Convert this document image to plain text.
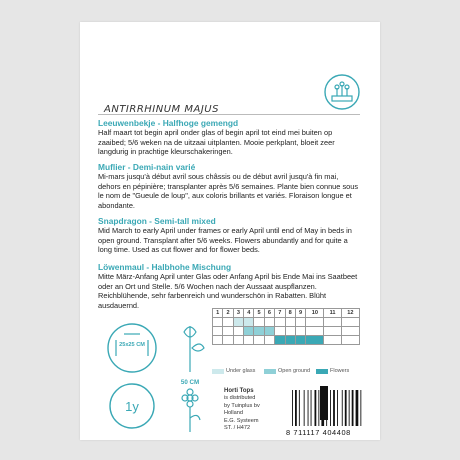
ANTIRRHINUM MAJUS
Leeuwenbekje - Halfhoge gemengd

Half maart tot begin april onder glas of begin april tot eind mei buiten op zaaibed; 5/6 weken na de uitzaai uitplanten. Mooie perkplant, bloeit zeer langdurig in prachtige kleurschakeringen.

Muflier - Demi-nain varié

Mi-mars jusqu'à début avril sous châssis ou de début avril jusqu'à fin mai, dehors en pépinière; transplanter après 5/6 semaines. Plante bien connue sous le nom de "Gueule de loup", aux coloris brillants et variés. Floraison longue et abondante.

Snapdragon - Semi-tall mixed

Mid March to early April under frames or early April until end of May in beds in open ground. Transplant after 5/6 weeks. Flowers abundantly and for quite a long time. Used as cut flower and for flower beds.

Löwenmaul - Halbhohe Mischung

Mitte März-Anfang April unter Glas oder Anfang April bis Ende Mai ins Saatbeet oder an Ort und Stelle. 5/6 Wochen nach der Aussaat auspflanzen. Reichblühende, sehr farbenreich und wunderschön in Rabatten. Blüht ausdauernd.

25x25 CM
50 CM
1y
1	2	3	4	5	6	7	8	9	10	11	12

Under glass	Open ground	Flowers
Horti Tops
is distributed
by Tuinplus bv
Holland
E.G. Systeem
ST. / H472	8 711117 404408
